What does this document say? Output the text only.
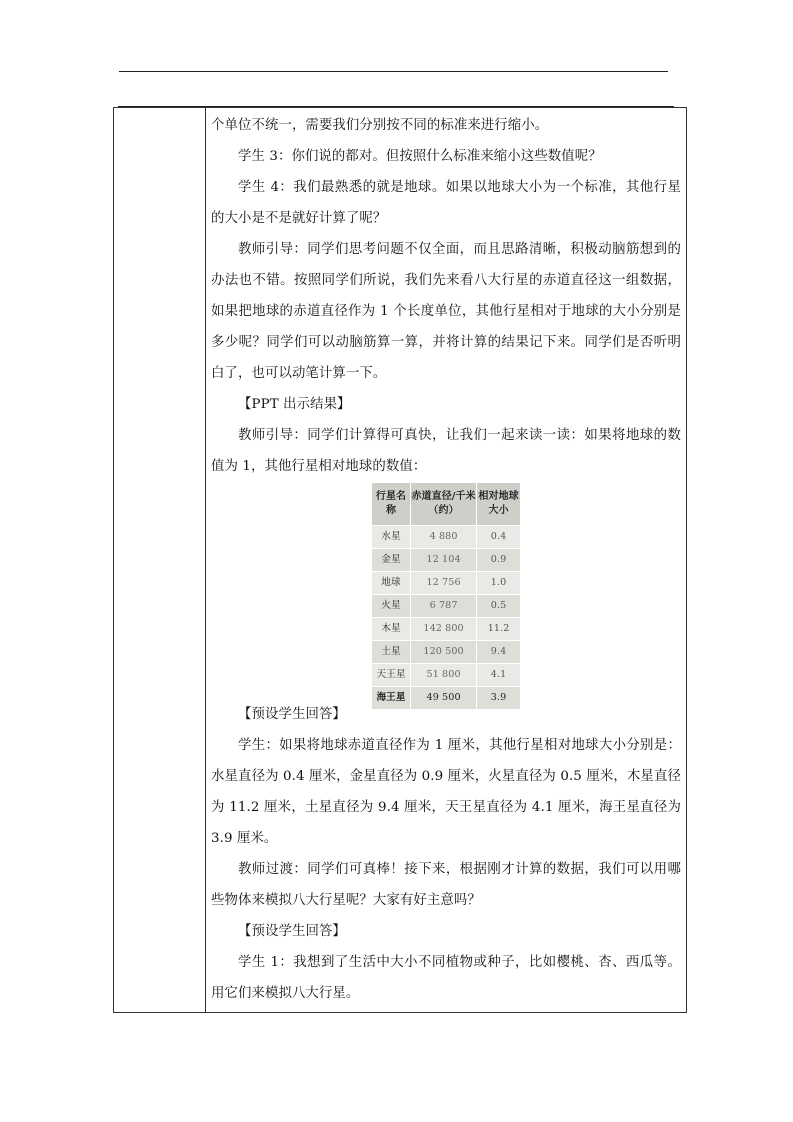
个单位不统一，需要我们分别按不同的标准来进行缩小。

学生 3：你们说的都对。但按照什么标准来缩小这些数值呢？

学生 4：我们最熟悉的就是地球。如果以地球大小为一个标准，其他行星的大小是不是就好计算了呢？

教师引导：同学们思考问题不仅全面，而且思路清晰，积极动脑筋想到的办法也不错。按照同学们所说，我们先来看八大行星的赤道直径这一组数据，如果把地球的赤道直径作为 1 个长度单位，其他行星相对于地球的大小分别是多少呢？同学们可以动脑筋算一算，并将计算的结果记下来。同学们是否听明白了，也可以动笔计算一下。

【PPT 出示结果】

教师引导：同学们计算得可真快，让我们一起来读一读：如果将地球的数值为 1，其他行星相对地球的数值：

行星名称	赤道直径/千米（约）	相对地球大小
水星	4 880	0.4
金星	12 104	0.9
地球	12 756	1.0
火星	6 787	0.5
木星	142 800	11.2
土星	120 500	9.4
天王星	51 800	4.1
海王星	49 500	3.9

【预设学生回答】

学生：如果将地球赤道直径作为 1 厘米，其他行星相对地球大小分别是：水星直径为 0.4 厘米，金星直径为 0.9 厘米，火星直径为 0.5 厘米，木星直径为 11.2 厘米，土星直径为 9.4 厘米，天王星直径为 4.1 厘米，海王星直径为 3.9 厘米。

教师过渡：同学们可真棒！接下来，根据刚才计算的数据，我们可以用哪些物体来模拟八大行星呢？大家有好主意吗？

【预设学生回答】

学生 1：我想到了生活中大小不同植物或种子，比如樱桃、杏、西瓜等。用它们来模拟八大行星。
